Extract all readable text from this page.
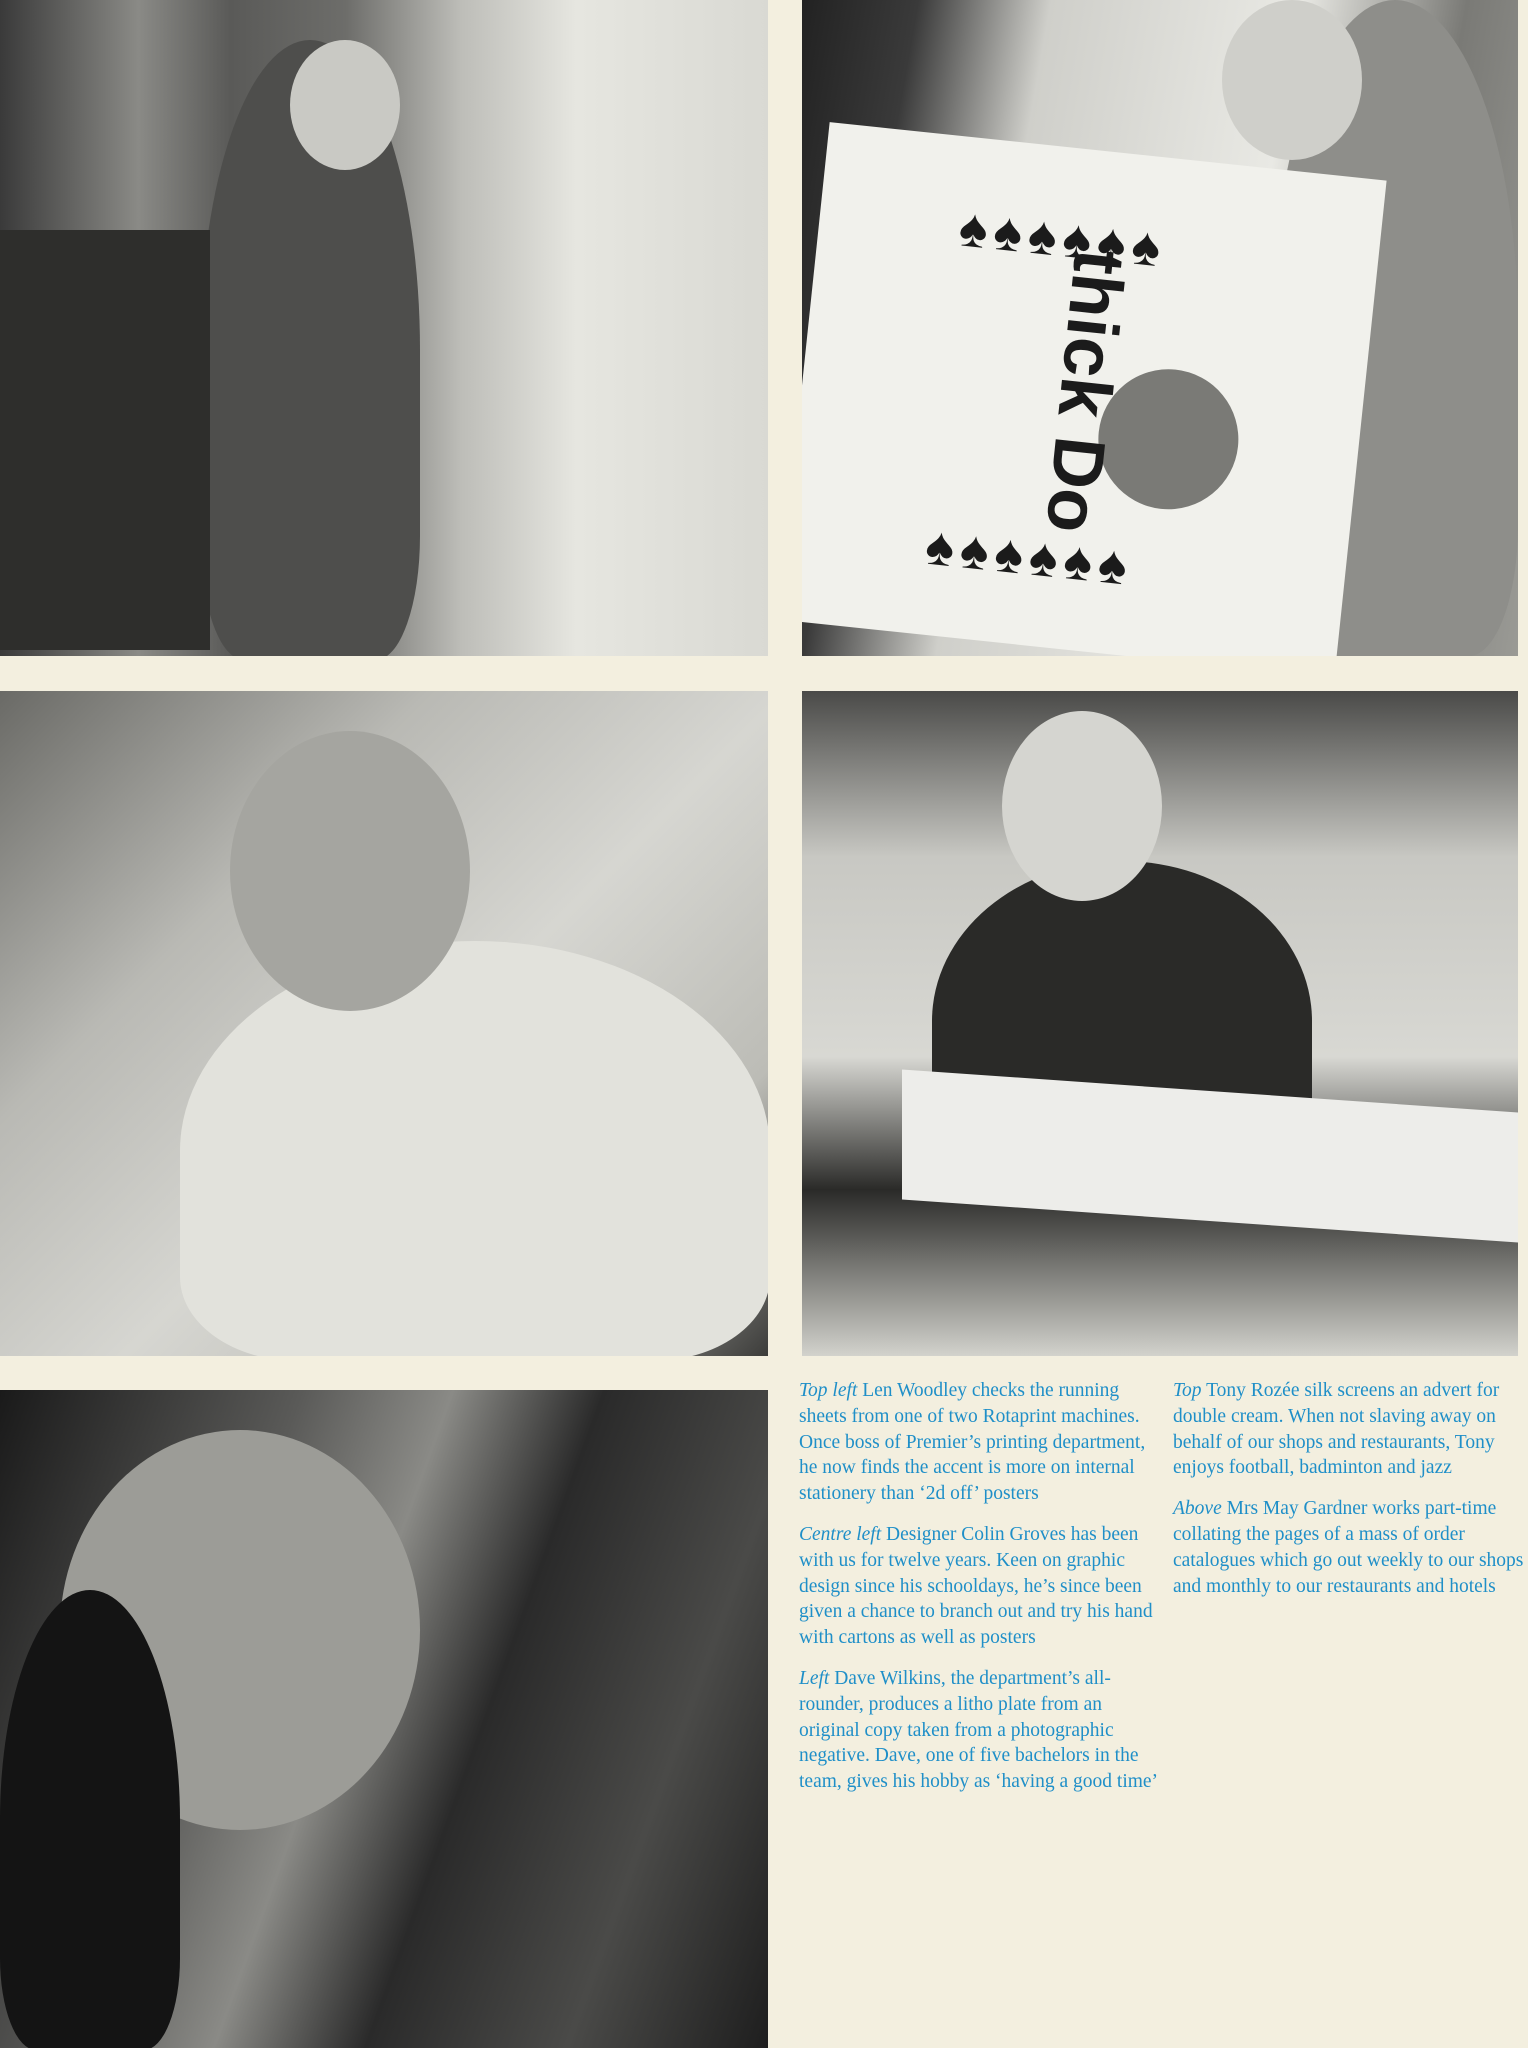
♠♠♠♠♠♠
thick Do
♠♠♠♠♠♠

Top left Len Woodley checks the running sheets from one of two Rotaprint machines. Once boss of Premier’s printing department, he now finds the accent is more on internal stationery than ‘2d off’ posters

Centre left Designer Colin Groves has been with us for twelve years. Keen on graphic design since his schooldays, he’s since been given a chance to branch out and try his hand with cartons as well as posters

Left Dave Wilkins, the department’s all-rounder, produces a litho plate from an original copy taken from a photographic negative. Dave, one of five bachelors in the team, gives his hobby as ‘having a good time’

Top Tony Rozée silk screens an advert for double cream. When not slaving away on behalf of our shops and restaurants, Tony enjoys football, badminton and jazz

Above Mrs May Gardner works part-time collating the pages of a mass of order catalogues which go out weekly to our shops and monthly to our restaurants and hotels
